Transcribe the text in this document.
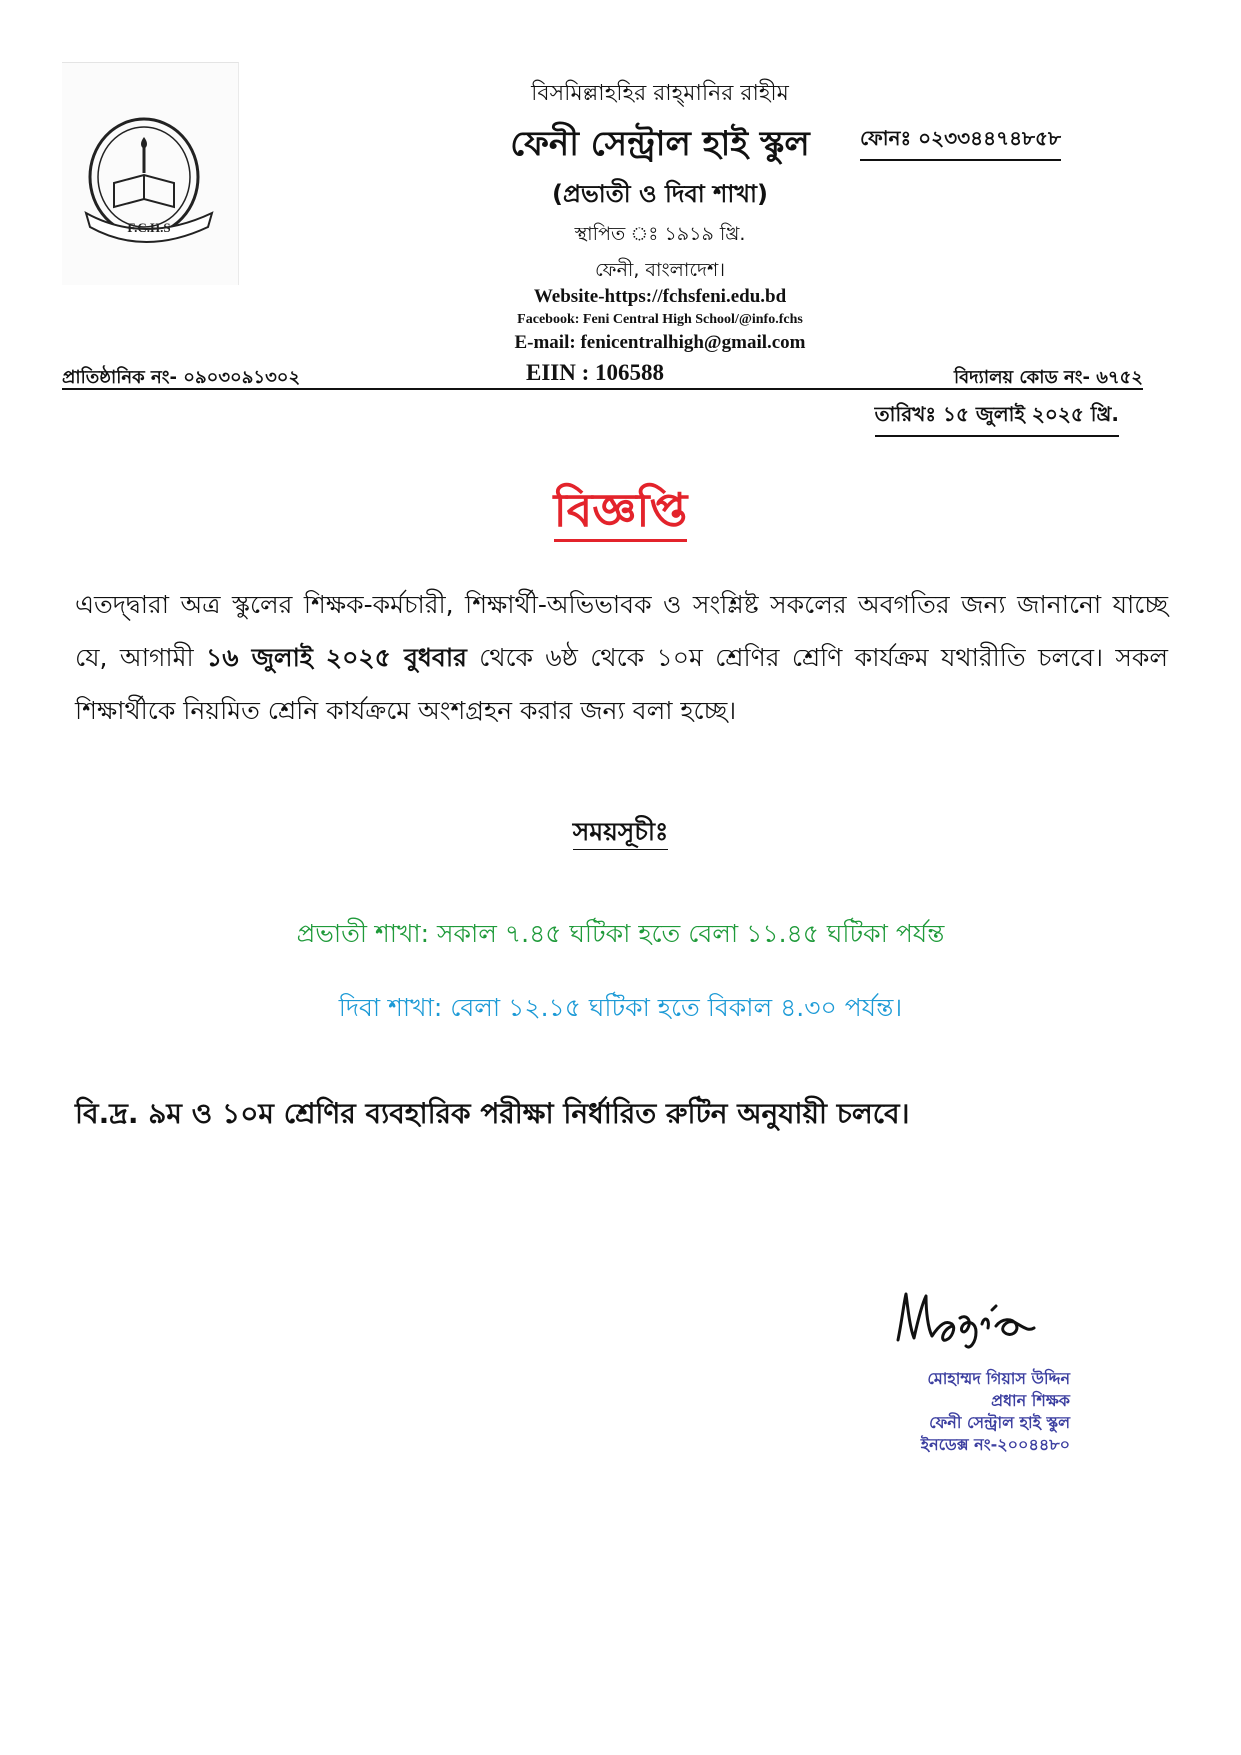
F.C.H.S
বিসমিল্লাহহির রাহ্‌মানির রাহীম
ফেনী সেন্ট্রাল হাই স্কুল
(প্রভাতী ও দিবা শাখা)
স্থাপিত ঃ ১৯১৯ খ্রি.
ফেনী, বাংলাদেশ।
Website-https://fchsfeni.edu.bd
Facebook: Feni Central High School/@info.fchs
E-mail: fenicentralhigh@gmail.com
ফোনঃ ০২৩৩৪৪৭৪৮৫৮
প্রাতিষ্ঠানিক নং- ০৯০৩০৯১৩০২	EIIN : 106588	বিদ্যালয় কোড নং- ৬৭৫২
তারিখঃ ১৫ জুলাই ২০২৫ খ্রি.
বিজ্ঞপ্তি
এতদ্দ্বারা অত্র স্কুলের শিক্ষক-কর্মচারী, শিক্ষার্থী-অভিভাবক ও সংশ্লিষ্ট সকলের অবগতির জন্য জানানো যাচ্ছে যে, আগামী ১৬ জুলাই ২০২৫ বুধবার থেকে ৬ষ্ঠ থেকে ১০ম শ্রেণির শ্রেণি কার্যক্রম যথারীতি চলবে। সকল শিক্ষার্থীকে নিয়মিত শ্রেনি কার্যক্রমে অংশগ্রহন করার জন্য বলা হচ্ছে।
সময়সূচীঃ
প্রভাতী শাখা: সকাল ৭.৪৫ ঘটিকা হতে বেলা ১১.৪৫ ঘটিকা পর্যন্ত
দিবা শাখা: বেলা ১২.১৫ ঘটিকা হতে বিকাল ৪.৩০ পর্যন্ত।
বি.দ্র. ৯ম ও ১০ম শ্রেণির ব্যবহারিক পরীক্ষা নির্ধারিত রুটিন অনুযায়ী চলবে।
মোহাম্মদ গিয়াস উদ্দিন
প্রধান শিক্ষক
ফেনী সেন্ট্রাল হাই স্কুল
ইনডেক্স নং-২০০৪৪৮০
